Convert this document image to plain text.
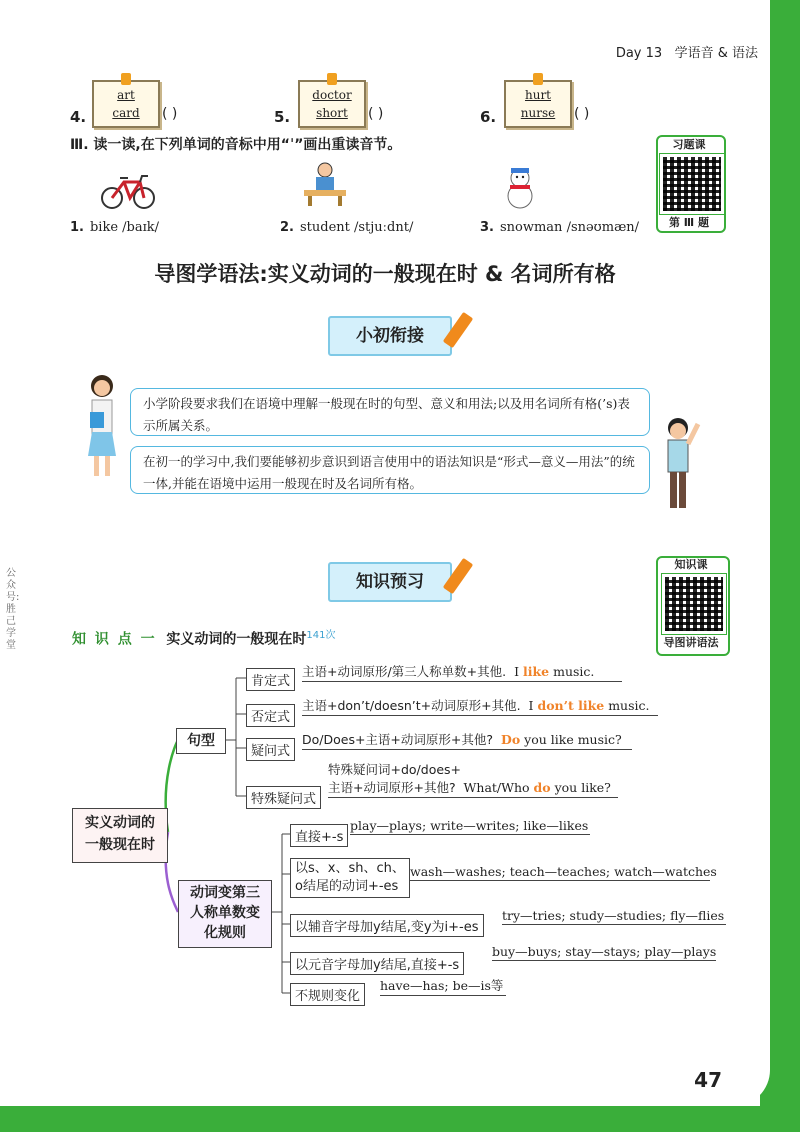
Day 13 学语音 & 语法
4.
art
card	( )	5.
doctor
short	( )	6.
hurt
nurse	( )
Ⅲ. 读一读,在下列单词的音标中用“ˈ”画出重读音节。	习题课
第 Ⅲ 题
1. bike /baɪk/	2. student /stjuːdnt/	3. snowman /snəʊmæn/
导图学语法:实义动词的一般现在时 & 名词所有格
小初衔接
小学阶段要求我们在语境中理解一般现在时的句型、意义和用法;以及用名词所有格(’s)表示所属关系。
在初一的学习中,我们要能够初步意识到语言使用中的语法知识是“形式—意义—用法”的统一体,并能在语境中运用一般现在时及名词所有格。
知识预习
知识课
导图讲语法
公众号:胜己学堂	知 识 点 一 实义动词的一般现在时$^{141次}$
实义动词的
一般现在时
句型
动词变第三
人称单数变
化规则
肯定式
主语+动词原形/第三人称单数+其他. I like music.
否定式
主语+don’t/doesn’t+动词原形+其他. I don’t like music.
疑问式
Do/Does+主语+动词原形+其他? Do you like music?
特殊疑问词+do/does+
特殊疑问式
主语+动词原形+其他? What/Who do you like?
直接+-s
play—plays; write—writes; like—likes
以s、x、sh、ch、
o结尾的动词+-es
wash—washes; teach—teaches; watch—watches
以辅音字母加y结尾,变y为i+-es
try—tries; study—studies; fly—flies
以元音字母加y结尾,直接+-s
buy—buys; stay—stays; play—plays
不规则变化
have—has; be—is等
47
